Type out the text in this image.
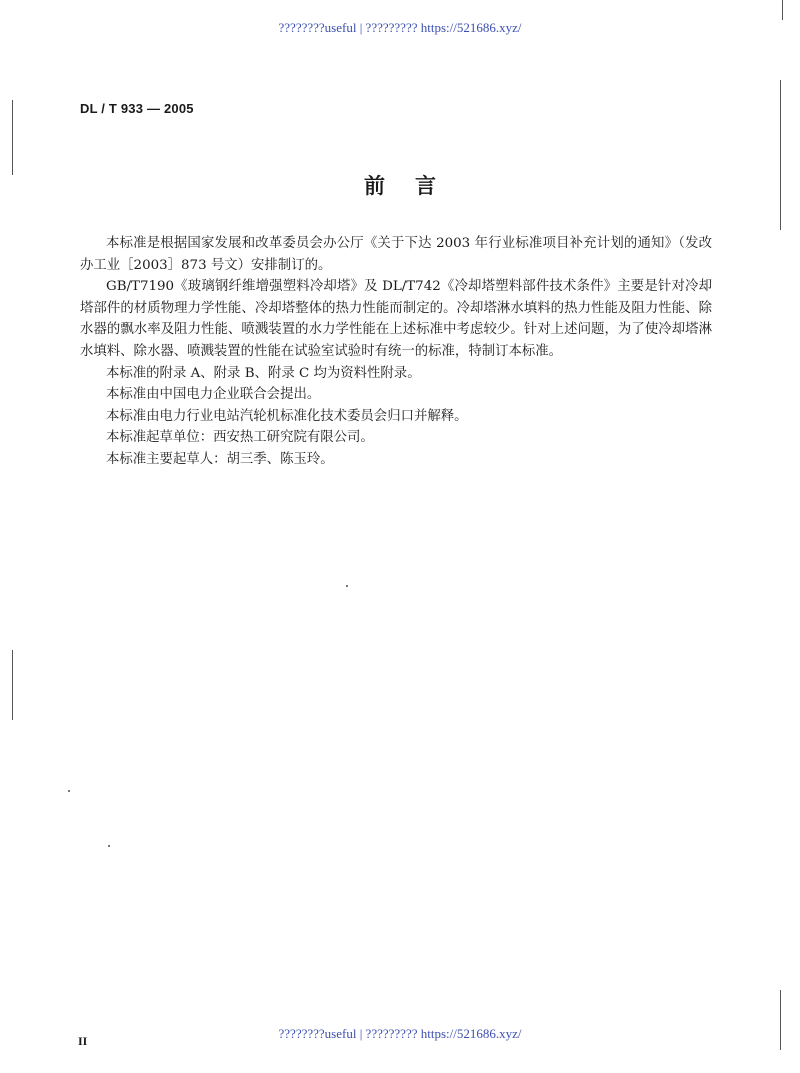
????????useful | ????????? https://521686.xyz/
DL / T 933 — 2005
前言

本标准是根据国家发展和改革委员会办公厅《关于下达 2003 年行业标准项目补充计划的通知》（发改办工业［2003］873 号文）安排制订的。

GB/T7190《玻璃钢纤维增强塑料冷却塔》及 DL/T742《冷却塔塑料部件技术条件》主要是针对冷却塔部件的材质物理力学性能、冷却塔整体的热力性能而制定的。冷却塔淋水填料的热力性能及阻力性能、除水器的飘水率及阻力性能、喷溅装置的水力学性能在上述标准中考虑较少。针对上述问题，为了使冷却塔淋水填料、除水器、喷溅装置的性能在试验室试验时有统一的标准，特制订本标准。

本标准的附录 A、附录 B、附录 C 均为资料性附录。

本标准由中国电力企业联合会提出。

本标准由电力行业电站汽轮机标准化技术委员会归口并解释。

本标准起草单位：西安热工研究院有限公司。

本标准主要起草人：胡三季、陈玉玲。

????????useful | ????????? https://521686.xyz/
II
